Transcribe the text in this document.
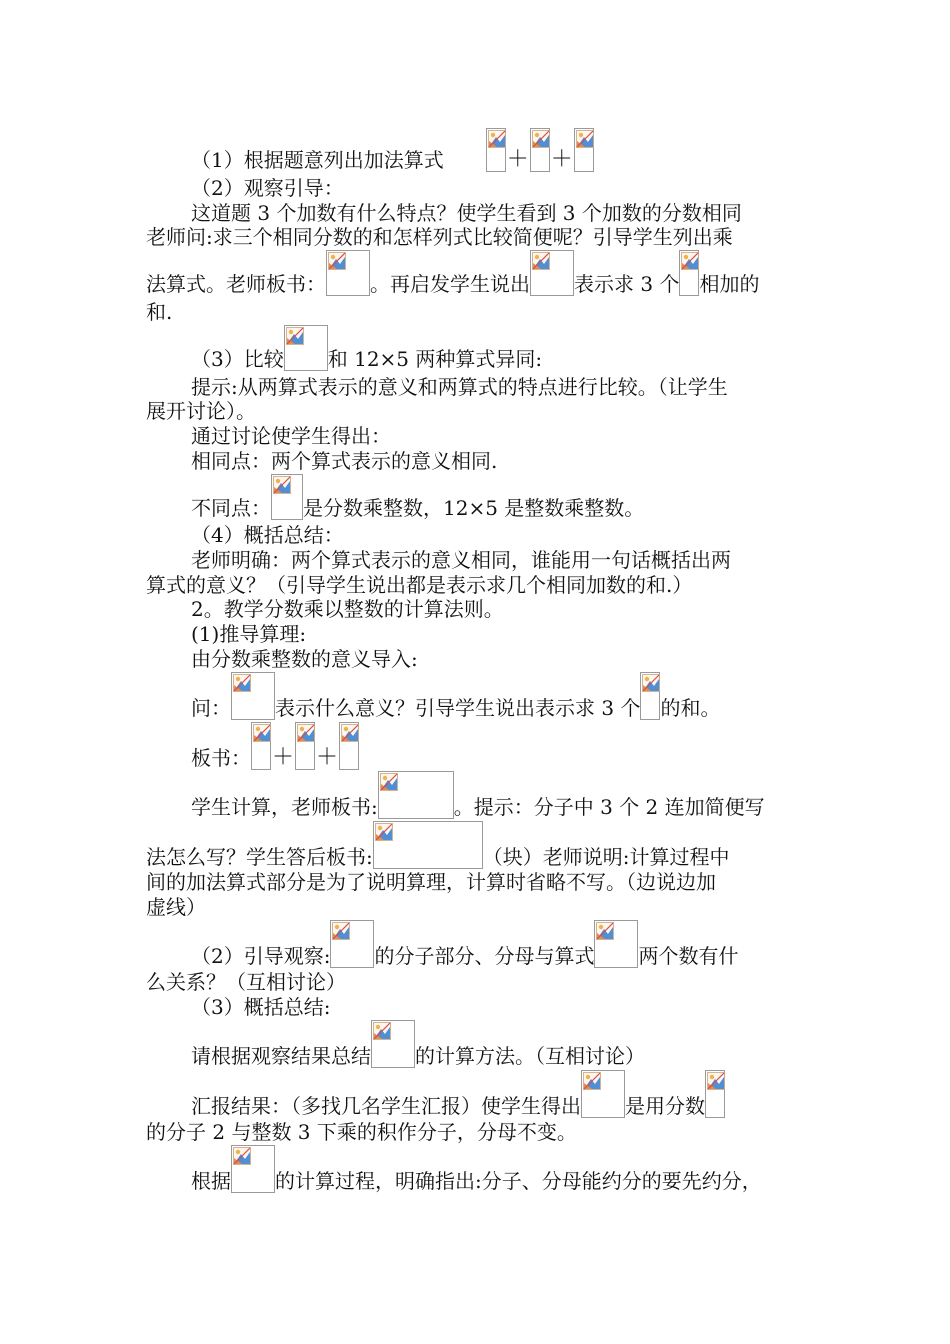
（1）根据题意列出加法算式	＋ ＋
（2）观察引导：
这道题 3 个加数有什么特点？使学生看到 3 个加数的分数相同
老师问:求三个相同分数的和怎样列式比较简便呢？引导学生列出乘
法算式。老师板书： 。再启发学生说出 表示求 3 个 相加的
和.
（3）比较 和 12×5 两种算式异同:
提示:从两算式表示的意义和两算式的特点进行比较。（让学生
展开讨论）。
通过讨论使学生得出：
相同点：两个算式表示的意义相同.
不同点： 是分数乘整数，12×5 是整数乘整数。
（4）概括总结：
老师明确：两个算式表示的意义相同，谁能用一句话概括出两
算式的意义？（引导学生说出都是表示求几个相同加数的和.）
2。教学分数乘以整数的计算法则。
(1)推导算理:
由分数乘整数的意义导入:
问： 表示什么意义？引导学生说出表示求 3 个 的和。
板书： ＋ ＋
学生计算，老师板书:	。提示：分子中 3 个 2 连加简便写
法怎么写？学生答后板书:	（块）老师说明:计算过程中
间的加法算式部分是为了说明算理，计算时省略不写。（边说边加
虚线）
（2）引导观察: 的分子部分、分母与算式 两个数有什
么关系？（互相讨论）
（3）概括总结:
请根据观察结果总结 的计算方法。（互相讨论）
汇报结果：（多找几名学生汇报）使学生得出 是用分数
的分子 2 与整数 3 下乘的积作分子，分母不变。
根据 的计算过程，明确指出:分子、分母能约分的要先约分，
